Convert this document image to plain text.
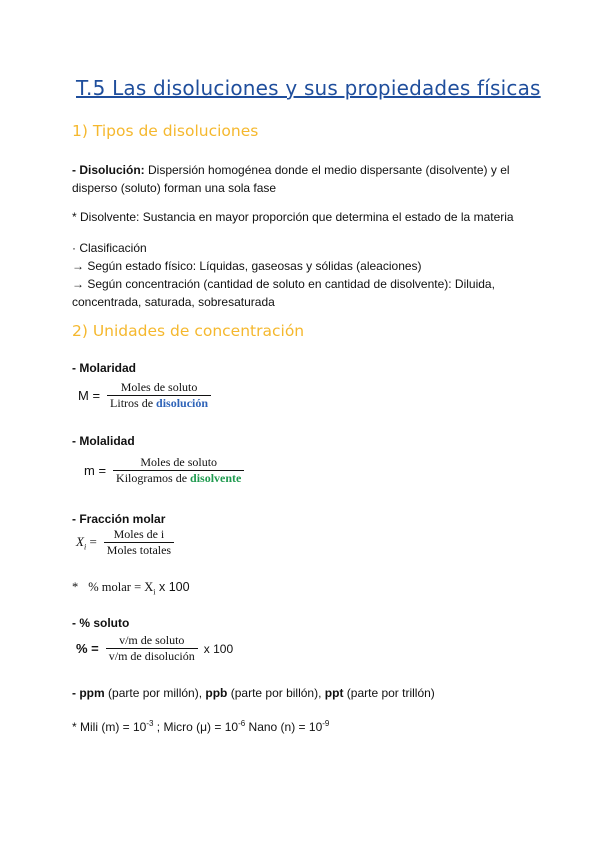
T.5 Las disoluciones y sus propiedades físicas
1) Tipos de disoluciones
- Disolución: Dispersión homogénea donde el medio dispersante (disolvente) y el
disperso (soluto) forman una sola fase
* Disolvente: Sustancia en mayor proporción que determina el estado de la materia
· Clasificación
→ Según estado físico: Líquidas, gaseosas y sólidas (aleaciones)
→ Según concentración (cantidad de soluto en cantidad de disolvente): Diluida,
concentrada, saturada, sobresaturada
2) Unidades de concentración
- Molaridad
$M = \frac{\text{Moles de soluto}}{\text{Litros de disolución}}$
- Molalidad
$m = \frac{\text{Moles de soluto}}{\text{Kilogramos de disolvente}}$
- Fracción molar
$X_i = \frac{\text{Moles de i}}{\text{Moles totales}}$
* % molar = $X_i$ x 100
- % soluto
% = $\frac{\text{v/m de soluto}}{\text{v/m de disolución}}$ x 100
- ppm (parte por millón), ppb (parte por billón), ppt (parte por trillón)
* Mili $(m) = 10^{-3}$ ; Micro $(\mu) = 10^{-6}$ Nano $(n) = 10^{-9}$
